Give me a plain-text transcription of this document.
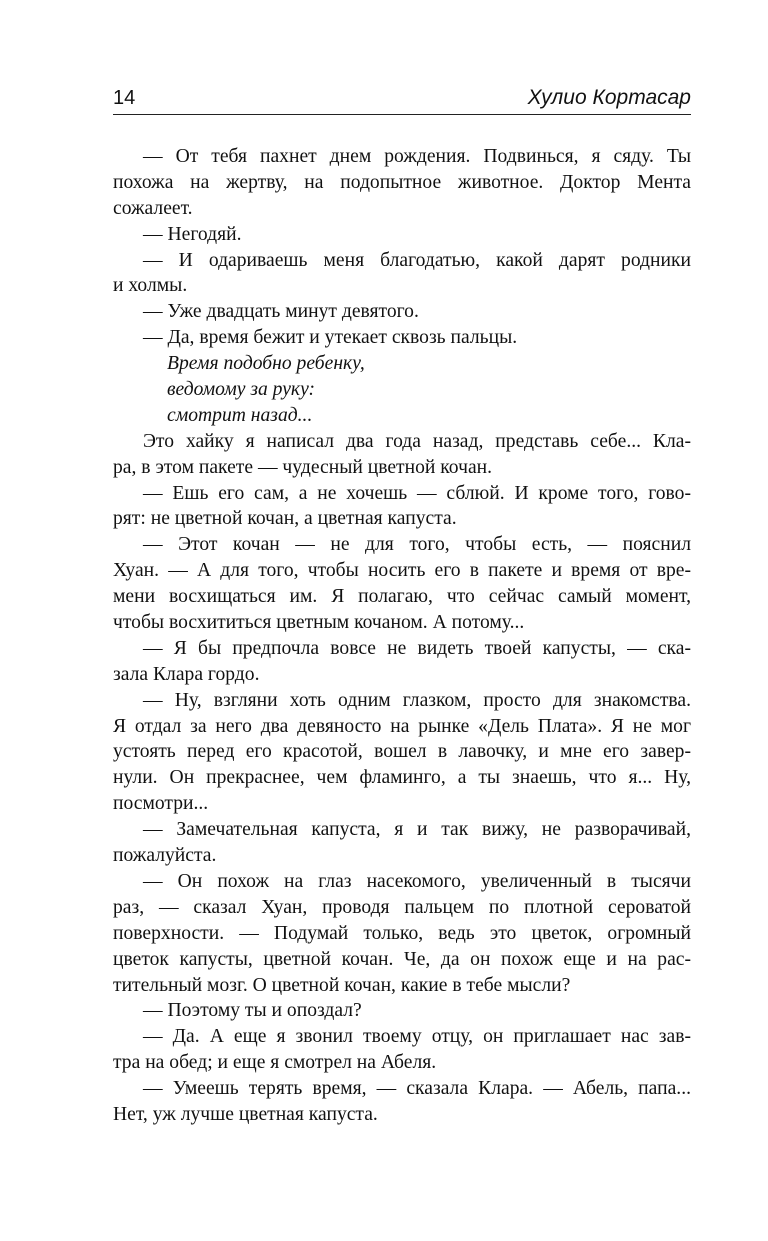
14	Хулио Кортасар
— От тебя пахнет днем рождения. Подвинься, я сяду. Ты
похожа на жертву, на подопытное животное. Доктор Мента
сожалеет.
— Негодяй.
— И одариваешь меня благодатью, какой дарят родники
и холмы.
— Уже двадцать минут девятого.
— Да, время бежит и утекает сквозь пальцы.
Время подобно ребенку,
ведомому за руку:
смотрит назад...
Это хайку я написал два года назад, представь себе... Кла-
ра, в этом пакете — чудесный цветной кочан.
— Ешь его сам, а не хочешь — сблюй. И кроме того, гово-
рят: не цветной кочан, а цветная капуста.
— Этот кочан — не для того, чтобы есть, — пояснил
Хуан. — А для того, чтобы носить его в пакете и время от вре-
мени восхищаться им. Я полагаю, что сейчас самый момент,
чтобы восхититься цветным кочаном. А потому...
— Я бы предпочла вовсе не видеть твоей капусты, — ска-
зала Клара гордо.
— Ну, взгляни хоть одним глазком, просто для знакомства.
Я отдал за него два девяносто на рынке «Дель Плата». Я не мог
устоять перед его красотой, вошел в лавочку, и мне его завер-
нули. Он прекраснее, чем фламинго, а ты знаешь, что я... Ну,
посмотри...
— Замечательная капуста, я и так вижу, не разворачивай,
пожалуйста.
— Он похож на глаз насекомого, увеличенный в тысячи
раз, — сказал Хуан, проводя пальцем по плотной сероватой
поверхности. — Подумай только, ведь это цветок, огромный
цветок капусты, цветной кочан. Че, да он похож еще и на рас-
тительный мозг. О цветной кочан, какие в тебе мысли?
— Поэтому ты и опоздал?
— Да. А еще я звонил твоему отцу, он приглашает нас зав-
тра на обед; и еще я смотрел на Абеля.
— Умеешь терять время, — сказала Клара. — Абель, папа...
Нет, уж лучше цветная капуста.
